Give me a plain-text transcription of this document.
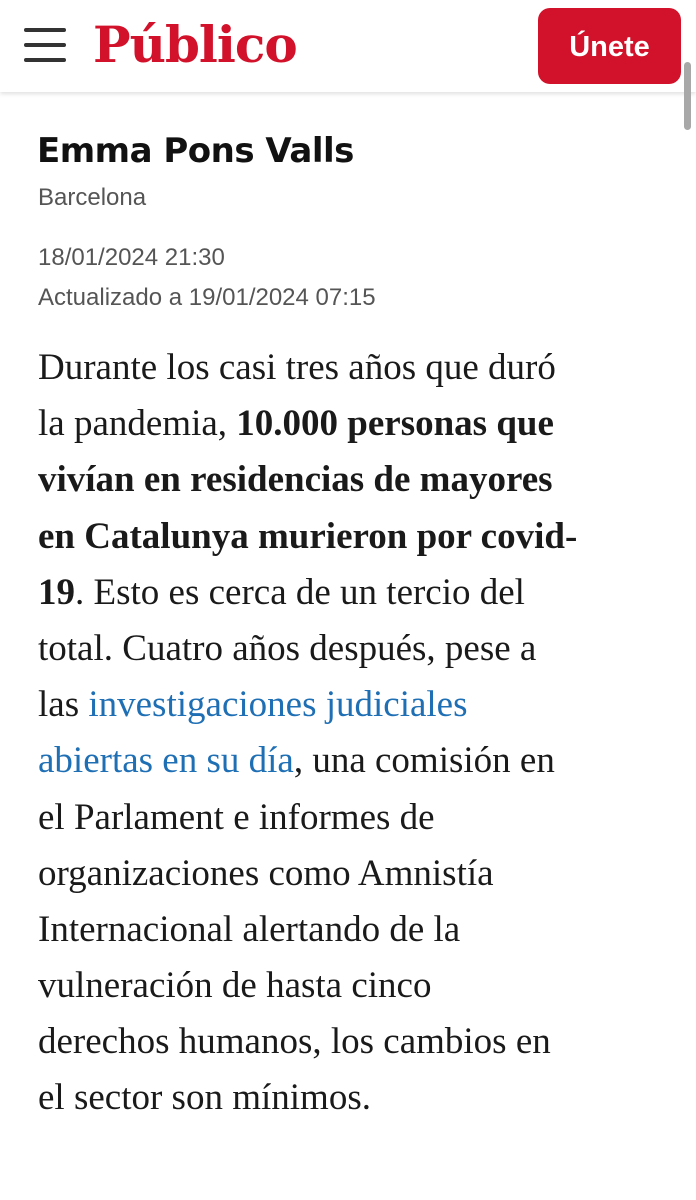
Público	Únete
Emma Pons Valls
Barcelona
18/01/2024 21:30
Actualizado a 19/01/2024 07:15

Durante los casi tres años que duró
la pandemia, 10.000 personas que
vivían en residencias de mayores
en Catalunya murieron por covid-
19. Esto es cerca de un tercio del
total. Cuatro años después, pese a
las investigaciones judiciales
abiertas en su día, una comisión en
el Parlament e informes de
organizaciones como Amnistía
Internacional alertando de la
vulneración de hasta cinco
derechos humanos, los cambios en
el sector son mínimos.
